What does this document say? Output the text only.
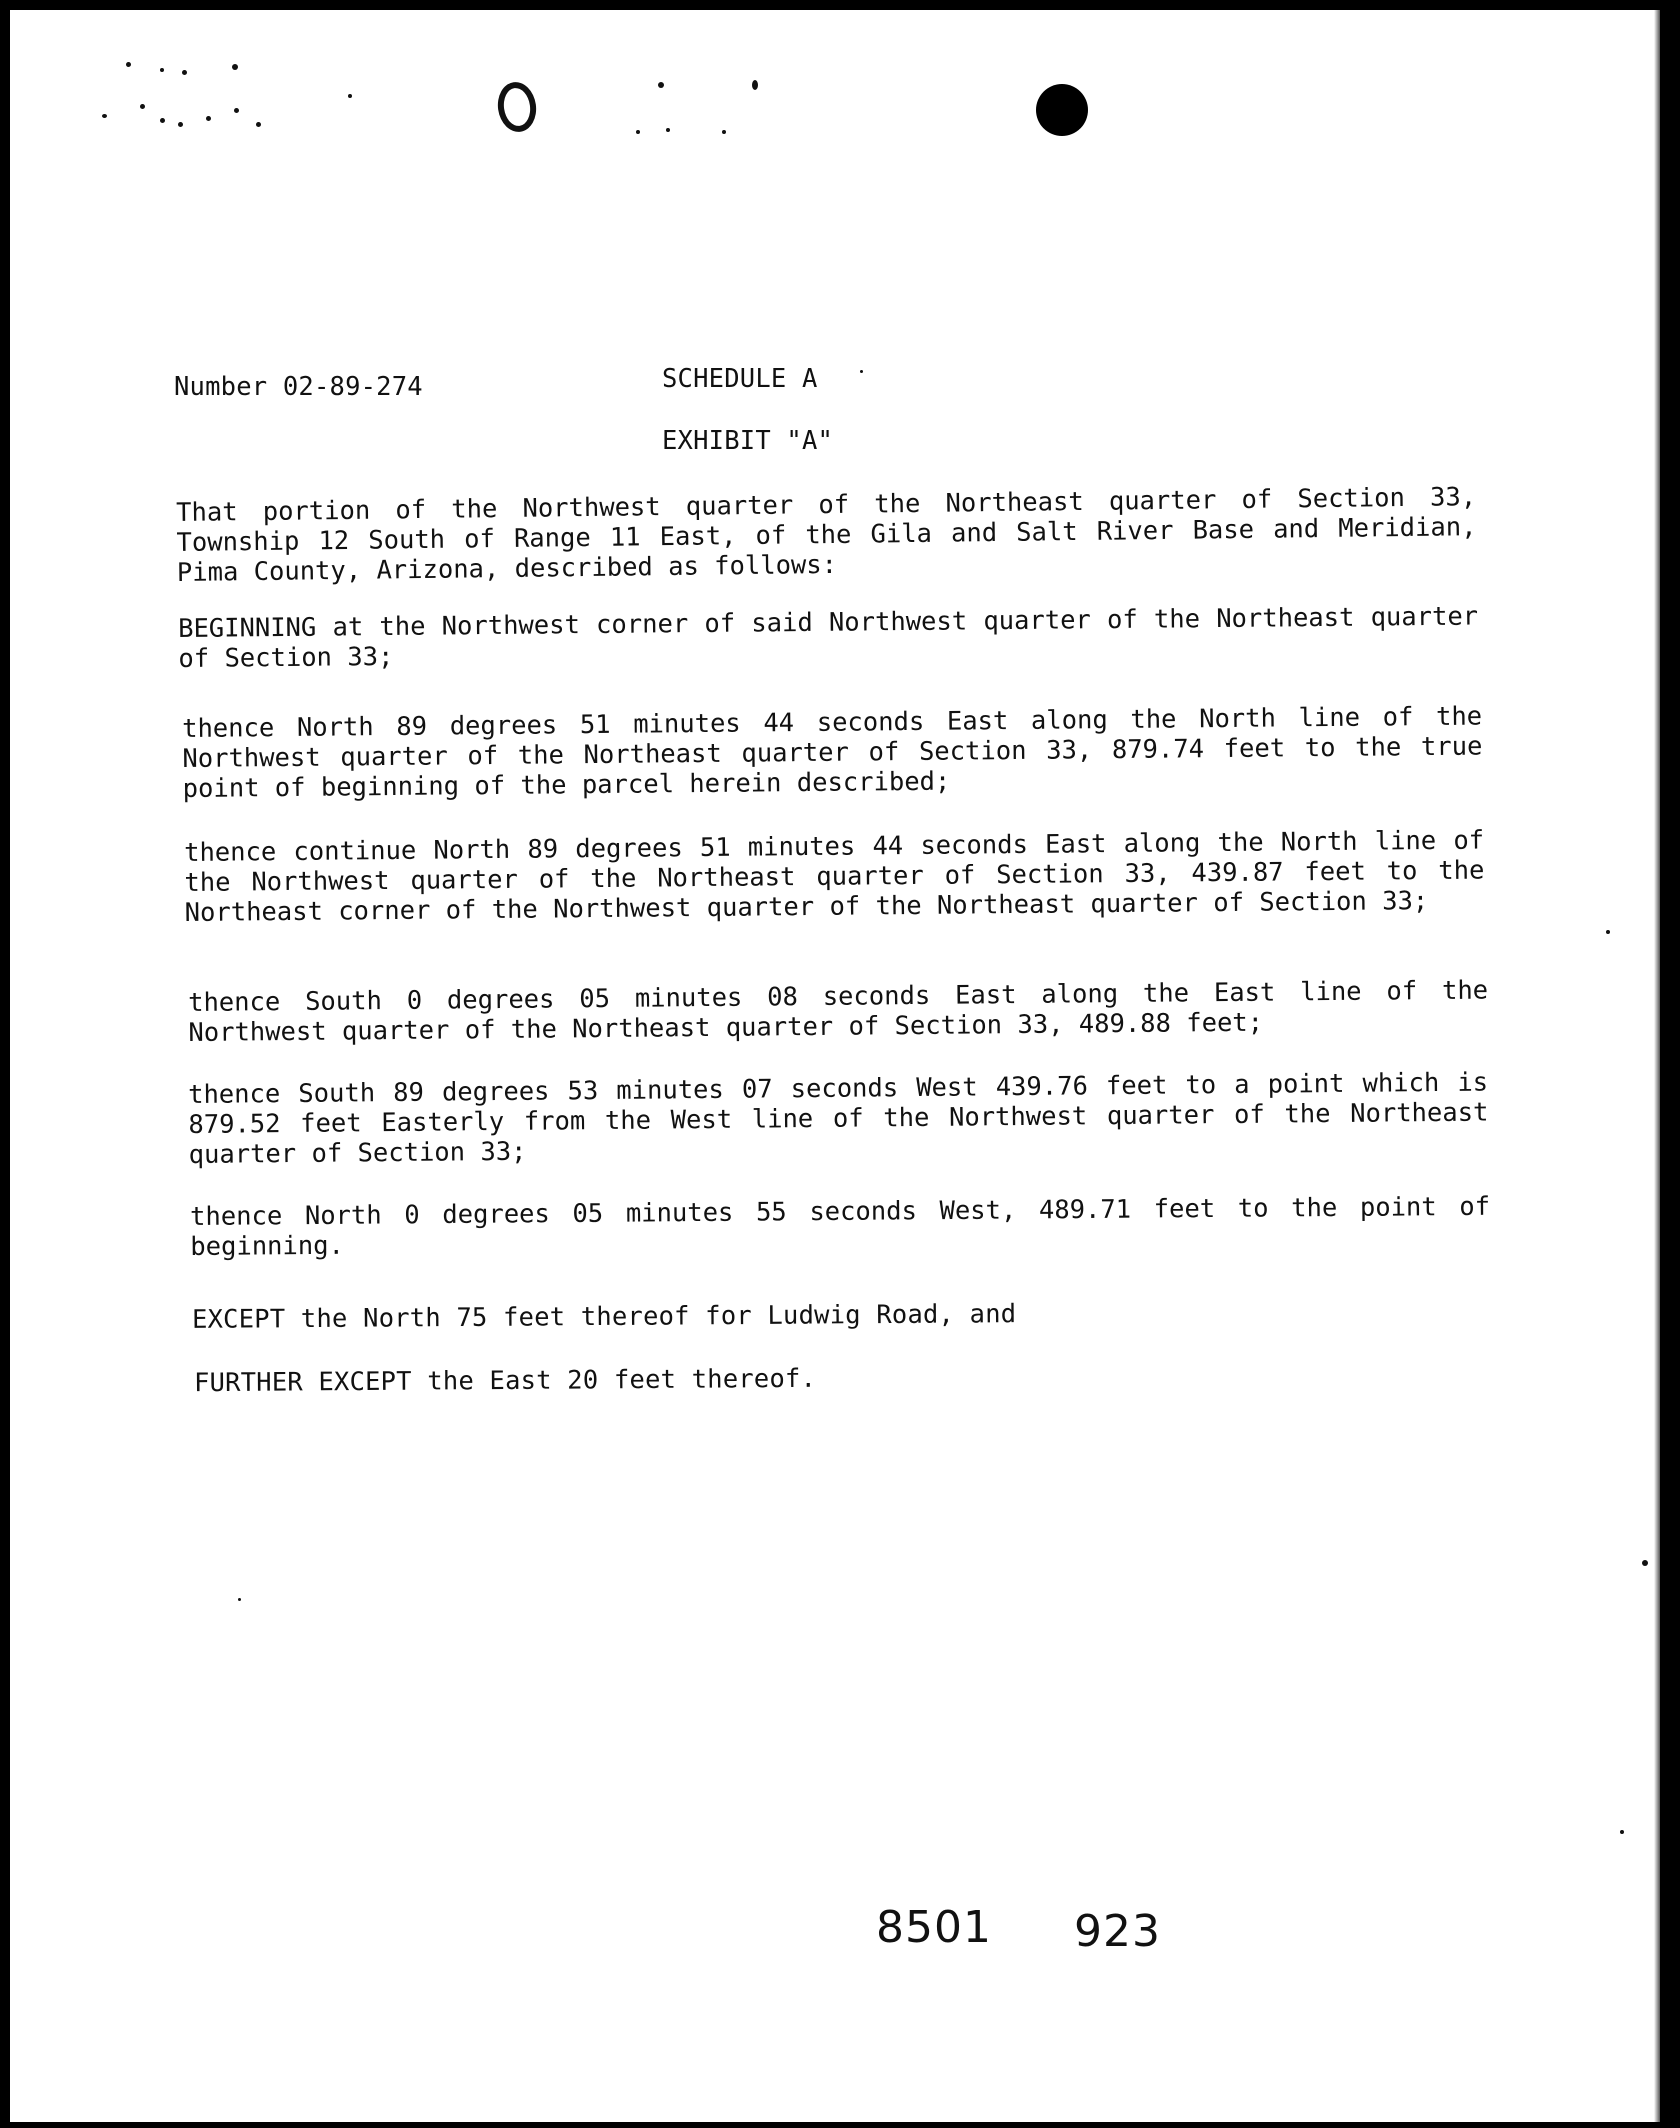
Number 02-89-274	SCHEDULE A
EXHIBIT "A"

That portion of the Northwest quarter of the Northeast quarter of Section 33, Township 12 South of Range 11 East, of the Gila and Salt River Base and Meridian, Pima County, Arizona, described as follows:

BEGINNING at the Northwest corner of said Northwest quarter of the Northeast quarter of Section 33;

thence North 89 degrees 51 minutes 44 seconds East along the North line of the Northwest quarter of the Northeast quarter of Section 33, 879.74 feet to the true point of beginning of the parcel herein described;

thence continue North 89 degrees 51 minutes 44 seconds East along the North line of the Northwest quarter of the Northeast quarter of Section 33, 439.87 feet to the Northeast corner of the Northwest quarter of the Northeast quarter of Section 33;

thence South 0 degrees 05 minutes 08 seconds East along the East line of the Northwest quarter of the Northeast quarter of Section 33, 489.88 feet;

thence South 89 degrees 53 minutes 07 seconds West 439.76 feet to a point which is 879.52 feet Easterly from the West line of the Northwest quarter of the Northeast quarter of Section 33;

thence North 0 degrees 05 minutes 55 seconds West, 489.71 feet to the point of beginning.

EXCEPT the North 75 feet thereof for Ludwig Road, and
FURTHER EXCEPT the East 20 feet thereof.
8501 923
